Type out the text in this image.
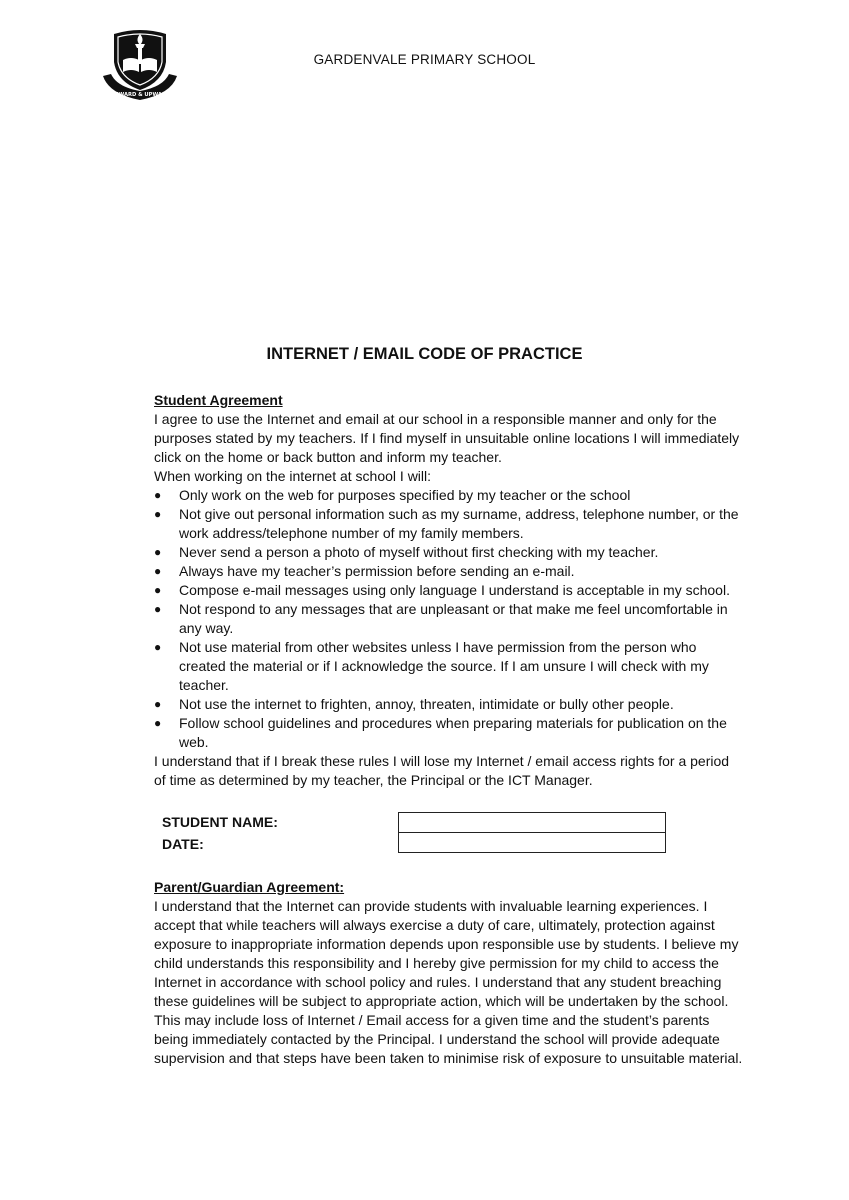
ONWARD & UPWARD
GARDENVALE PRIMARY SCHOOL
INTERNET / EMAIL CODE OF PRACTICE
Student Agreement
I agree to use the Internet and email at our school in a responsible manner and only for the purposes stated by my teachers. If I find myself in unsuitable online locations I will immediately click on the home or back button and inform my teacher.
When working on the internet at school I will:
● Only work on the web for purposes specified by my teacher or the school
● Not give out personal information such as my surname, address, telephone number, or the work address/telephone number of my family members.
● Never send a person a photo of myself without first checking with my teacher.
● Always have my teacher’s permission before sending an e-mail.
● Compose e-mail messages using only language I understand is acceptable in my school.
● Not respond to any messages that are unpleasant or that make me feel uncomfortable in any way.
● Not use material from other websites unless I have permission from the person who created the material or if I acknowledge the source. If I am unsure I will check with my teacher.
● Not use the internet to frighten, annoy, threaten, intimidate or bully other people.
● Follow school guidelines and procedures when preparing materials for publication on the web.
I understand that if I break these rules I will lose my Internet / email access rights for a period of time as determined by my teacher, the Principal or the ICT Manager.
STUDENT NAME:
DATE:
Parent/Guardian Agreement:
I understand that the Internet can provide students with invaluable learning experiences. I accept that while teachers will always exercise a duty of care, ultimately, protection against exposure to inappropriate information depends upon responsible use by students. I believe my child understands this responsibility and I hereby give permission for my child to access the Internet in accordance with school policy and rules. I understand that any student breaching these guidelines will be subject to appropriate action, which will be undertaken by the school. This may include loss of Internet / Email access for a given time and the student’s parents being immediately contacted by the Principal. I understand the school will provide adequate supervision and that steps have been taken to minimise risk of exposure to unsuitable material.
